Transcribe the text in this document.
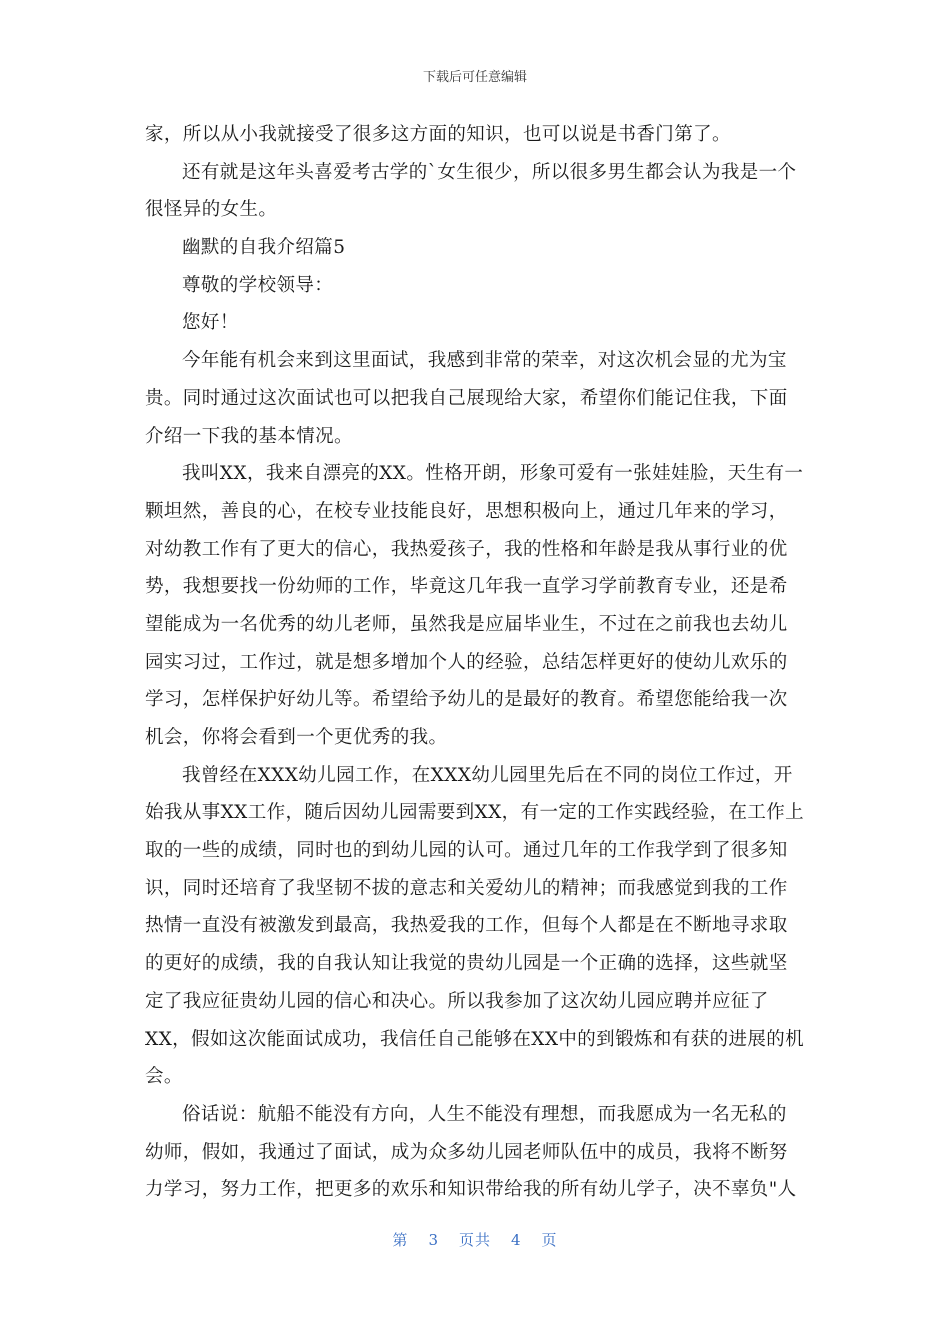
下载后可任意编辑
家，所以从小我就接受了很多这方面的知识，也可以说是书香门第了。
还有就是这年头喜爱考古学的`女生很少，所以很多男生都会认为我是一个
很怪异的女生。
幽默的自我介绍篇5
尊敬的学校领导：
您好！
今年能有机会来到这里面试，我感到非常的荣幸，对这次机会显的尤为宝
贵。同时通过这次面试也可以把我自己展现给大家，希望你们能记住我，下面
介绍一下我的基本情况。
我叫XX，我来自漂亮的XX。性格开朗，形象可爱有一张娃娃脸，天生有一
颗坦然，善良的心，在校专业技能良好，思想积极向上，通过几年来的学习，
对幼教工作有了更大的信心，我热爱孩子，我的性格和年龄是我从事行业的优
势，我想要找一份幼师的工作，毕竟这几年我一直学习学前教育专业，还是希
望能成为一名优秀的幼儿老师，虽然我是应届毕业生，不过在之前我也去幼儿
园实习过，工作过，就是想多增加个人的经验，总结怎样更好的使幼儿欢乐的
学习，怎样保护好幼儿等。希望给予幼儿的是最好的教育。希望您能给我一次
机会，你将会看到一个更优秀的我。
我曾经在XXX幼儿园工作，在XXX幼儿园里先后在不同的岗位工作过，开
始我从事XX工作，随后因幼儿园需要到XX，有一定的工作实践经验，在工作上
取的一些的成绩，同时也的到幼儿园的认可。通过几年的工作我学到了很多知
识，同时还培育了我坚韧不拔的意志和关爱幼儿的精神；而我感觉到我的工作
热情一直没有被激发到最高，我热爱我的工作，但每个人都是在不断地寻求取
的更好的成绩，我的自我认知让我觉的贵幼儿园是一个正确的选择，这些就坚
定了我应征贵幼儿园的信心和决心。所以我参加了这次幼儿园应聘并应征了
XX，假如这次能面试成功，我信任自己能够在XX中的到锻炼和有获的进展的机
会。
俗话说：航船不能没有方向，人生不能没有理想，而我愿成为一名无私的
幼师，假如，我通过了面试，成为众多幼儿园老师队伍中的成员，我将不断努
力学习，努力工作，把更多的欢乐和知识带给我的所有幼儿学子，决不辜负"人
第 3 页共 4 页
